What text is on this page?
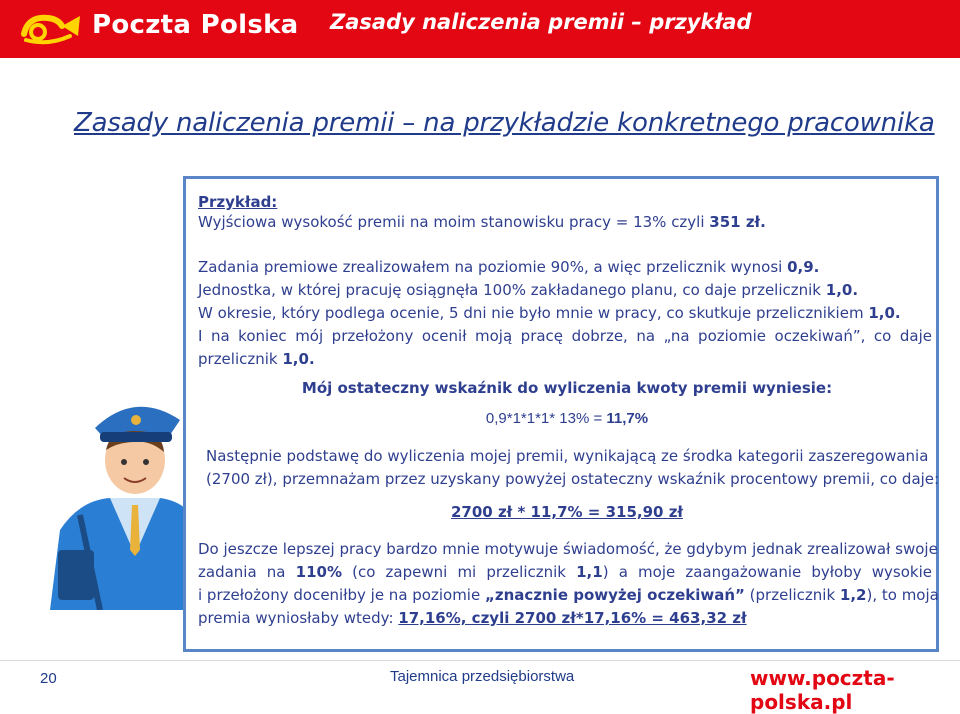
Poczta Polska Zasady naliczenia premii – przykład
Zasady naliczenia premii – na przykładzie konkretnego pracownika
Przykład:
Wyjściowa wysokość premii na moim stanowisku pracy = 13% czyli 351 zł.
Zadania premiowe zrealizowałem na poziomie 90%, a więc przelicznik wynosi 0,9.
Jednostka, w której pracuję osiągnęła 100% zakładanego planu, co daje przelicznik 1,0.
W okresie, który podlega ocenie, 5 dni nie było mnie w pracy, co skutkuje przelicznikiem 1,0.
I na koniec mój przełożony ocenił moją pracę dobrze, na „na poziomie oczekiwań”, co daje
przelicznik 1,0.
Mój ostateczny wskaźnik do wyliczenia kwoty premii wyniesie:
0,9*1*1*1* 13% = 11,7%
Następnie podstawę do wyliczenia mojej premii, wynikającą ze środka kategorii zaszeregowania
(2700 zł), przemnażam przez uzyskany powyżej ostateczny wskaźnik procentowy premii, co daje:
2700 zł * 11,7% = 315,90 zł
Do jeszcze lepszej pracy bardzo mnie motywuje świadomość, że gdybym jednak zrealizował swoje
zadania na 110% (co zapewni mi przelicznik 1,1) a moje zaangażowanie byłoby wysokie
i przełożony doceniłby je na poziomie „znacznie powyżej oczekiwań” (przelicznik 1,2), to moja
premia wyniosłaby wtedy: 17,16%, czyli 2700 zł*17,16% = 463,32 zł
20	Tajemnica przedsiębiorstwa	www.poczta-polska.pl
